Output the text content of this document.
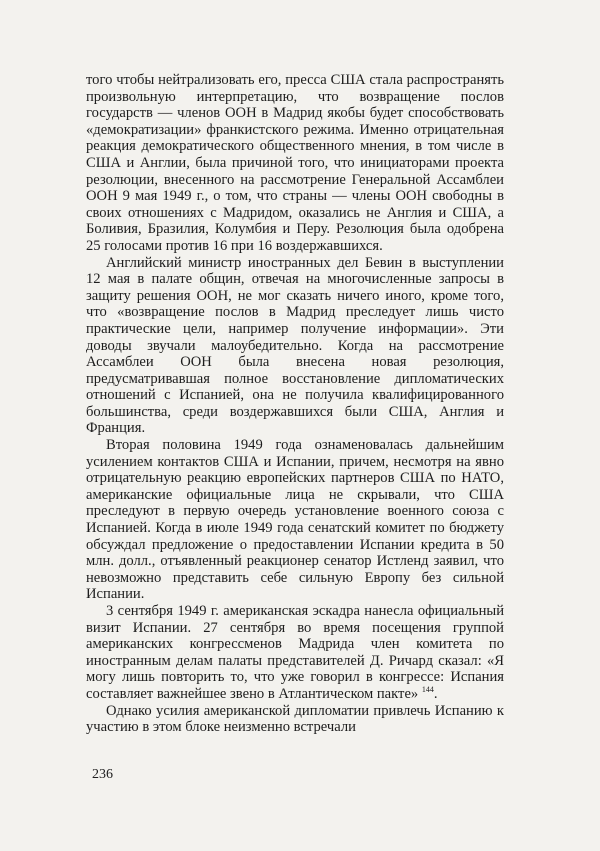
того чтобы нейтрализовать его, пресса США стала распространять произвольную интерпретацию, что возвращение послов государств — членов ООН в Мадрид якобы будет способствовать «демократизации» франкистского режима. Именно отрицательная реакция демократического общественного мнения, в том числе в США и Англии, была причиной того, что инициаторами проекта резолюции, внесенного на рассмотрение Генеральной Ассамблеи ООН 9 мая 1949 г., о том, что страны — члены ООН свободны в своих отношениях с Мадридом, оказались не Англия и США, а Боливия, Бразилия, Колумбия и Перу. Резолюция была одобрена 25 голосами против 16 при 16 воздержавшихся.

Английский министр иностранных дел Бевин в выступлении 12 мая в палате общин, отвечая на многочисленные запросы в защиту решения ООН, не мог сказать ничего иного, кроме того, что «возвращение послов в Мадрид преследует лишь чисто практические цели, например получение информации». Эти доводы звучали малоубедительно. Когда на рассмотрение Ассамблеи ООН была внесена новая резолюция, предусматривавшая полное восстановление дипломатических отношений с Испанией, она не получила квалифицированного большинства, среди воздержавшихся были США, Англия и Франция.

Вторая половина 1949 года ознаменовалась дальнейшим усилением контактов США и Испании, причем, несмотря на явно отрицательную реакцию европейских партнеров США по НАТО, американские официальные лица не скрывали, что США преследуют в первую очередь установление военного союза с Испанией. Когда в июле 1949 года сенатский комитет по бюджету обсуждал предложение о предоставлении Испании кредита в 50 млн. долл., отъявленный реакционер сенатор Истленд заявил, что невозможно представить себе сильную Европу без сильной Испании.

3 сентября 1949 г. американская эскадра нанесла официальный визит Испании. 27 сентября во время посещения группой американских конгрессменов Мадрида член комитета по иностранным делам палаты представителей Д. Ричард сказал: «Я могу лишь повторить то, что уже говорил в конгрессе: Испания составляет важнейшее звено в Атлантическом пакте» $^{144}$.

Однако усилия американской дипломатии привлечь Испанию к участию в этом блоке неизменно встречали

236
